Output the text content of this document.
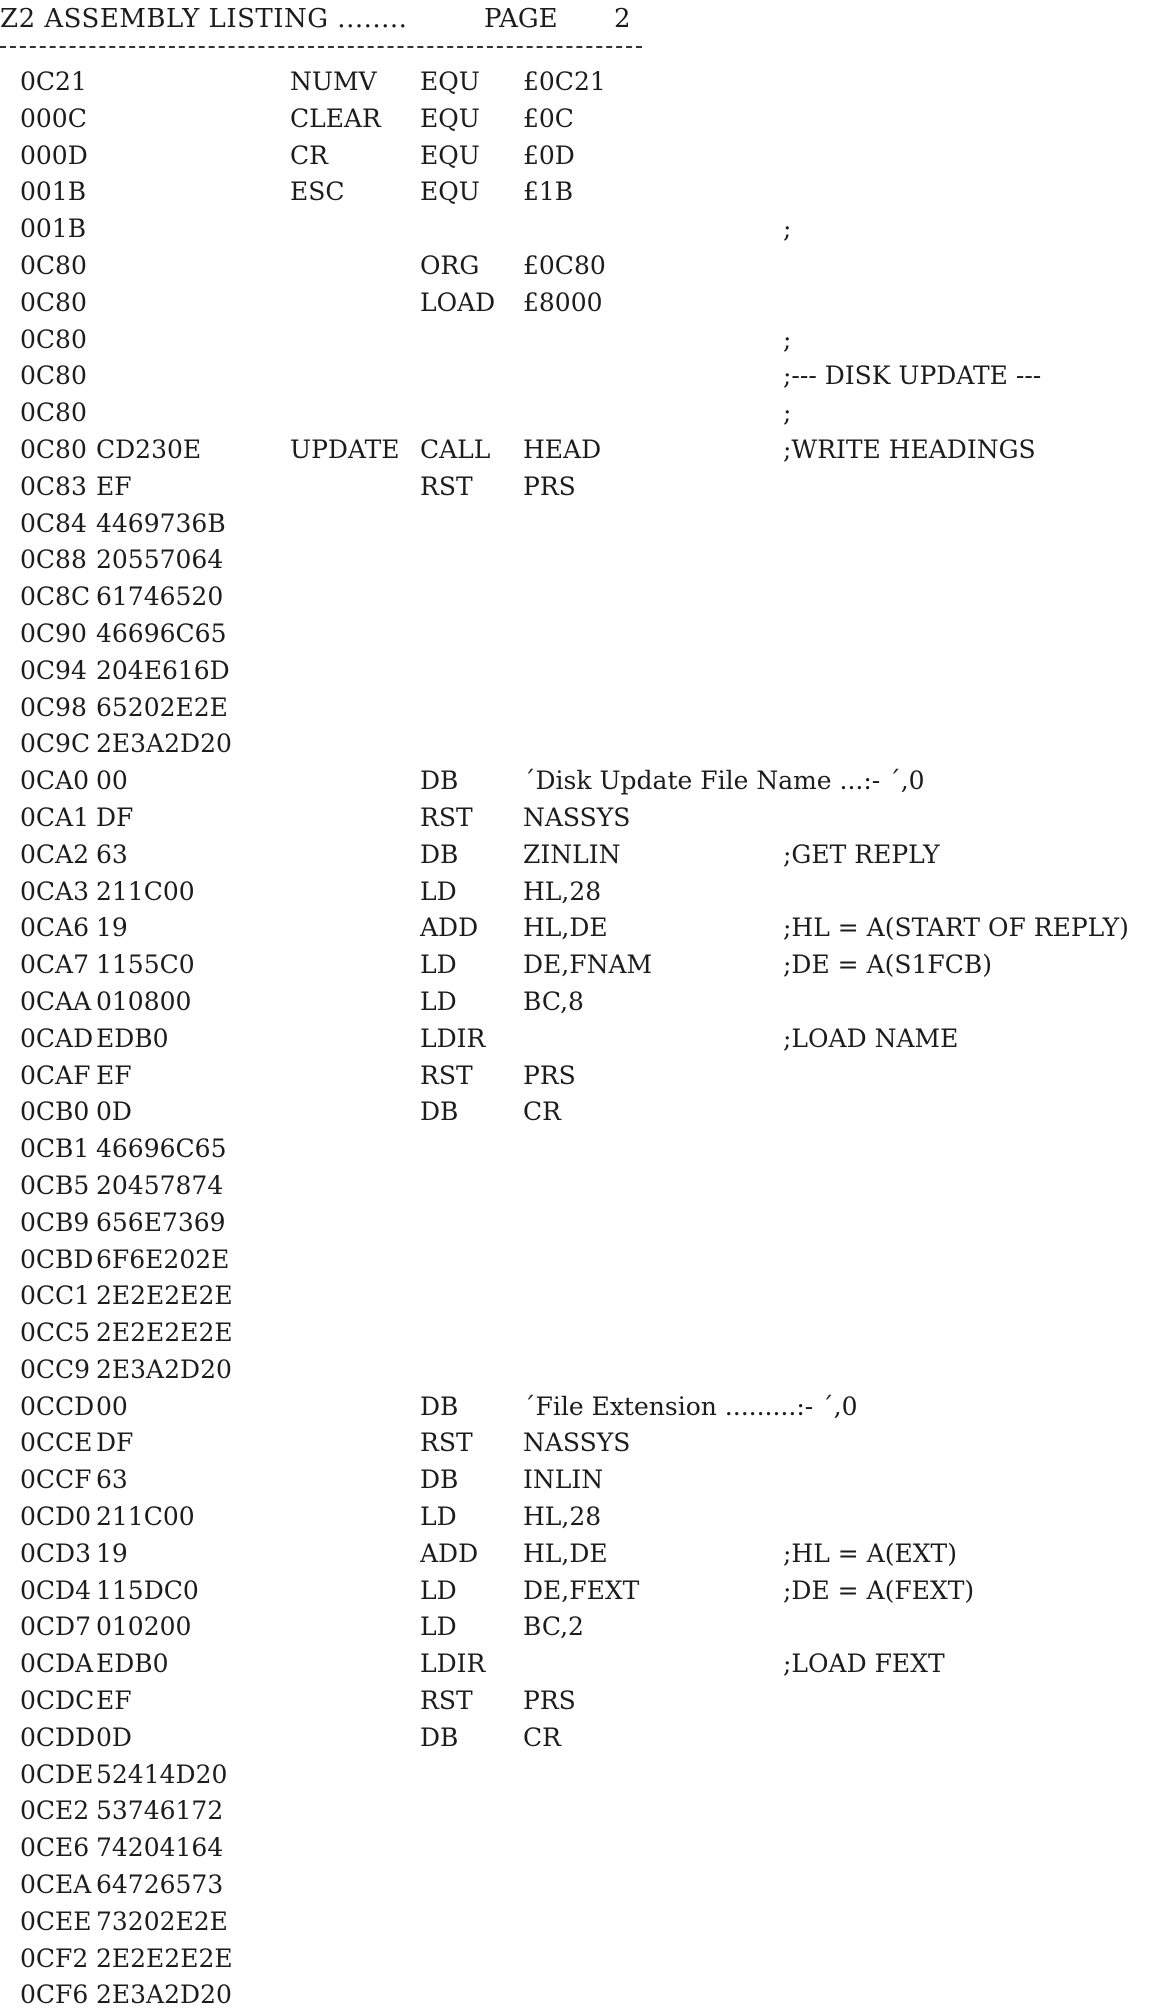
Z2 ASSEMBLY LISTING ........	PAGE 2
0C21	NUMV EQU £0C21
000C	CLEAR EQU £0C
000D	CR	EQU £0D
001B	ESC	EQU £1B
001B	;
0C80	ORG £0C80
0C80	LOAD £8000
0C80	;
0C80	;--- DISK UPDATE ---
0C80	;
0C80 CD230E	UPDATE CALL HEAD	;WRITE HEADINGS
0C83 EF	RST PRS
0C84 4469736B
0C88 20557064
0C8C 61746520
0C90 46696C65
0C94 204E616D
0C98 65202E2E
0C9C 2E3A2D20
0CA0 00	DB	´Disk Update File Name ...:- ´,0
0CA1 DF	RST NASSYS
0CA2 63	DB	ZINLIN	;GET REPLY
0CA3 211C00	LD	HL,28
0CA6 19	ADD HL,DE	;HL = A(START OF REPLY)
0CA7 1155C0	LD	DE,FNAM	;DE = A(S1FCB)
0CAA 010800	LD	BC,8
0CAD EDB0	LDIR	;LOAD NAME
0CAF EF	RST PRS
0CB0 0D	DB	CR
0CB1 46696C65
0CB5 20457874
0CB9 656E7369
0CBD 6F6E202E
0CC1 2E2E2E2E
0CC5 2E2E2E2E
0CC9 2E3A2D20
0CCD 00	DB	´File Extension .........:- ´,0
0CCE DF	RST NASSYS
0CCF 63	DB	INLIN
0CD0 211C00	LD	HL,28
0CD3 19	ADD HL,DE	;HL = A(EXT)
0CD4 115DC0	LD	DE,FEXT	;DE = A(FEXT)
0CD7 010200	LD	BC,2
0CDA EDB0	LDIR	;LOAD FEXT
0CDC EF	RST PRS
0CDD 0D	DB	CR
0CDE 52414D20
0CE2 53746172
0CE6 74204164
0CEA 64726573
0CEE 73202E2E
0CF2 2E2E2E2E
0CF6 2E3A2D20
